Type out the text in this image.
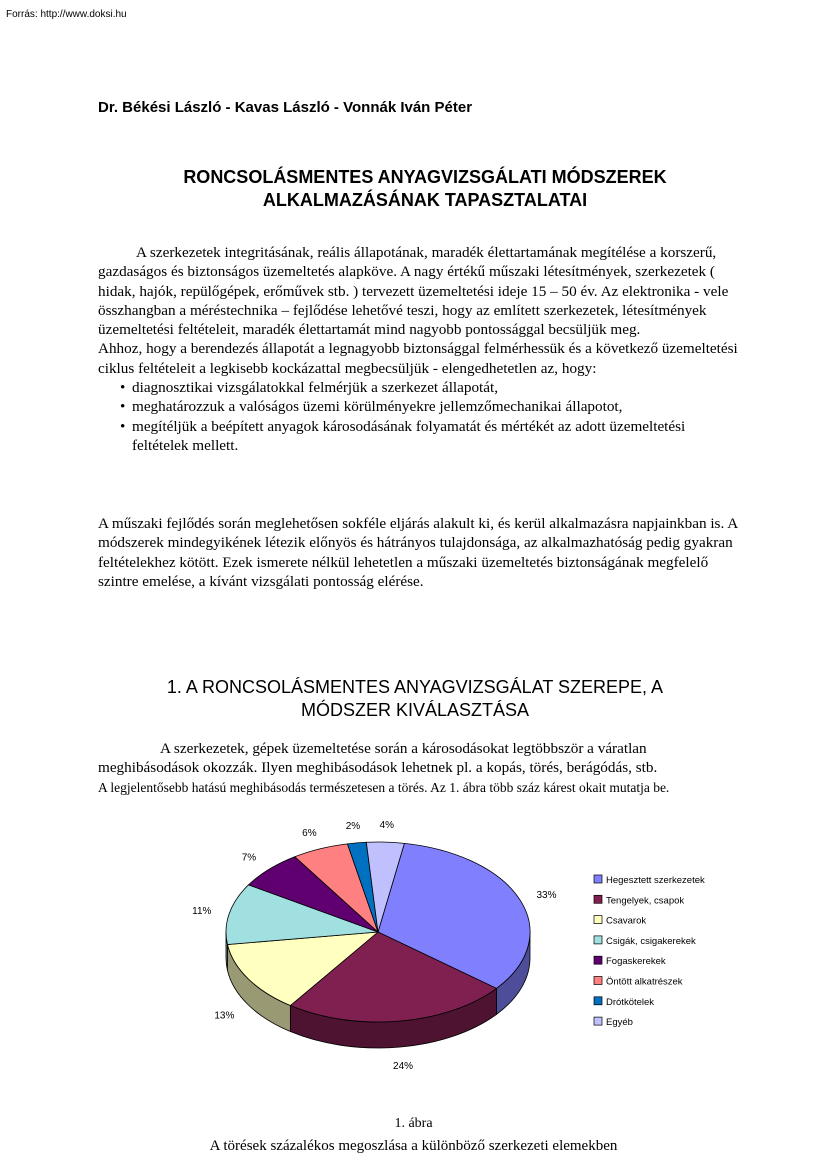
Forrás: http://www.doksi.hu
Dr. Békési László - Kavas László - Vonnák Iván Péter
RONCSOLÁSMENTES ANYAGVIZSGÁLATI MÓDSZEREK
ALKALMAZÁSÁNAK TAPASZTALATAI
A szerkezetek integritásának, reális állapotának, maradék élettartamának megítélése a korszerű, gazdaságos és biztonságos üzemeltetés alapköve. A nagy értékű műszaki létesítmények, szerkezetek ( hidak, hajók, repülőgépek, erőművek stb. ) tervezett üzemeltetési ideje 15 – 50 év. Az elektronika - vele összhangban a méréstechnika – fejlődése lehetővé teszi, hogy az említett szerkezetek, létesítmények üzemeltetési feltételeit, maradék élettartamát mind nagyobb pontossággal becsüljük meg.
Ahhoz, hogy a berendezés állapotát a legnagyobb biztonsággal felmérhessük és a következő üzemeltetési ciklus feltételeit a legkisebb kockázattal megbecsüljük - elengedhetetlen az, hogy:
• diagnosztikai vizsgálatokkal felmérjük a szerkezet állapotát,
• meghatározzuk a valóságos üzemi körülményekre jellemzőmechanikai állapotot,
• megítéljük a beépített anyagok károsodásának folyamatát és mértékét az adott üzemeltetési feltételek mellett.
A műszaki fejlődés során meglehetősen sokféle eljárás alakult ki, és kerül alkalmazásra napjainkban is. A módszerek mindegyikének létezik előnyös és hátrányos tulajdonsága, az alkalmazhatóság pedig gyakran feltételekhez kötött. Ezek ismerete nélkül lehetetlen a műszaki üzemeltetés biztonságának megfelelő szintre emelése, a kívánt vizsgálati pontosság elérése.
1. A RONCSOLÁSMENTES ANYAGVIZSGÁLAT SZEREPE, A
MÓDSZER KIVÁLASZTÁSA
A szerkezetek, gépek üzemeltetése során a károsodásokat legtöbbször a váratlan meghibásodások okozzák. Ilyen meghibásodások lehetnek pl. a kopás, törés, berágódás, stb.
A legjelentősebb hatású meghibásodás természetesen a törés. Az 1. ábra több száz kárest okait mutatja be.
33%
24%
13%
11%
7%
6%
2% 4%
Hegesztett szerkezetek
Tengelyek, csapok
Csavarok
Csigák, csigakerekek
Fogaskerekek
Öntött alkatrészek
Drótkötelek
Egyéb
1. ábra
A törések százalékos megoszlása a különböző szerkezeti elemekben
